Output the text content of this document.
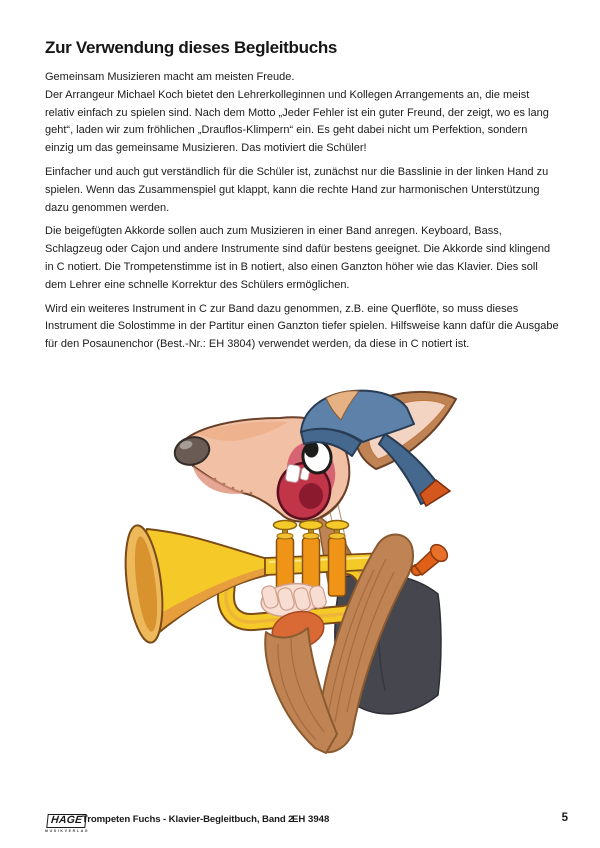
Zur Verwendung dieses Begleitbuchs

Gemeinsam Musizieren macht am meisten Freude.

Der Arrangeur Michael Koch bietet den Lehrerkolleginnen und Kollegen Arrangements an, die meist relativ einfach zu spielen sind. Nach dem Motto „Jeder Fehler ist ein guter Freund, der zeigt, wo es lang geht“, laden wir zum fröhlichen „Drauflos-Klimpern“ ein. Es geht dabei nicht um Perfektion, sondern einzig um das gemeinsame Musizieren. Das motiviert die Schüler!

Einfacher und auch gut verständlich für die Schüler ist, zunächst nur die Basslinie in der linken Hand zu spielen. Wenn das Zusammenspiel gut klappt, kann die rechte Hand zur harmonischen Unterstützung dazu genommen werden.

Die beigefügten Akkorde sollen auch zum Musizieren in einer Band anregen. Keyboard, Bass, Schlagzeug oder Cajon und andere Instrumente sind dafür bestens geeignet. Die Akkorde sind klingend in C notiert. Die Trompetenstimme ist in B notiert, also einen Ganzton höher wie das Klavier. Dies soll dem Lehrer eine schnelle Korrektur des Schülers ermöglichen.

Wird ein weiteres Instrument in C zur Band dazu genommen, z.B. eine Querflöte, so muss dieses Instrument die Solostimme in der Partitur einen Ganzton tiefer spielen. Hilfsweise kann dafür die Ausgabe für den Posaunenchor (Best.-Nr.: EH 3804) verwendet werden, da diese in C notiert ist.

HAGE
MUSIKVERLAG
Trompeten Fuchs - Klavier-Begleitbuch, Band 2
EH 3948	5
